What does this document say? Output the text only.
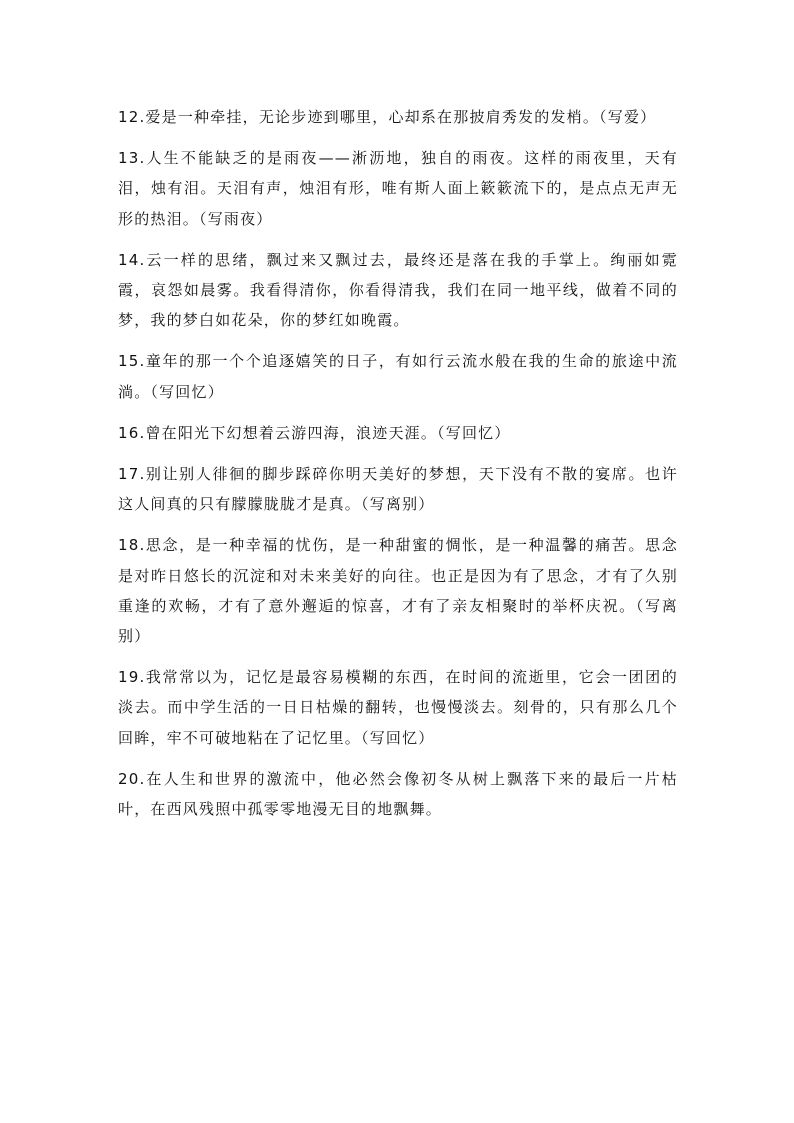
12.爱是一种牵挂，无论步迹到哪里，心却系在那披肩秀发的发梢。（写爱）

13.人生不能缺乏的是雨夜——淅沥地，独自的雨夜。这样的雨夜里，天有泪，烛有泪。天泪有声，烛泪有形，唯有斯人面上簌簌流下的，是点点无声无形的热泪。（写雨夜）

14.云一样的思绪，飘过来又飘过去，最终还是落在我的手掌上。绚丽如霓霞，哀怨如晨雾。我看得清你，你看得清我，我们在同一地平线，做着不同的梦，我的梦白如花朵，你的梦红如晚霞。

15.童年的那一个个追逐嬉笑的日子，有如行云流水般在我的生命的旅途中流淌。（写回忆）

16.曾在阳光下幻想着云游四海，浪迹天涯。（写回忆）

17.别让别人徘徊的脚步踩碎你明天美好的梦想，天下没有不散的宴席。也许这人间真的只有朦朦胧胧才是真。（写离别）

18.思念，是一种幸福的忧伤，是一种甜蜜的惆怅，是一种温馨的痛苦。思念是对昨日悠长的沉淀和对未来美好的向往。也正是因为有了思念，才有了久别重逢的欢畅，才有了意外邂逅的惊喜，才有了亲友相聚时的举杯庆祝。（写离别）

19.我常常以为，记忆是最容易模糊的东西，在时间的流逝里，它会一团团的淡去。而中学生活的一日日枯燥的翻转，也慢慢淡去。刻骨的，只有那么几个回眸，牢不可破地粘在了记忆里。（写回忆）

20.在人生和世界的激流中，他必然会像初冬从树上飘落下来的最后一片枯叶，在西风残照中孤零零地漫无目的地飘舞。
